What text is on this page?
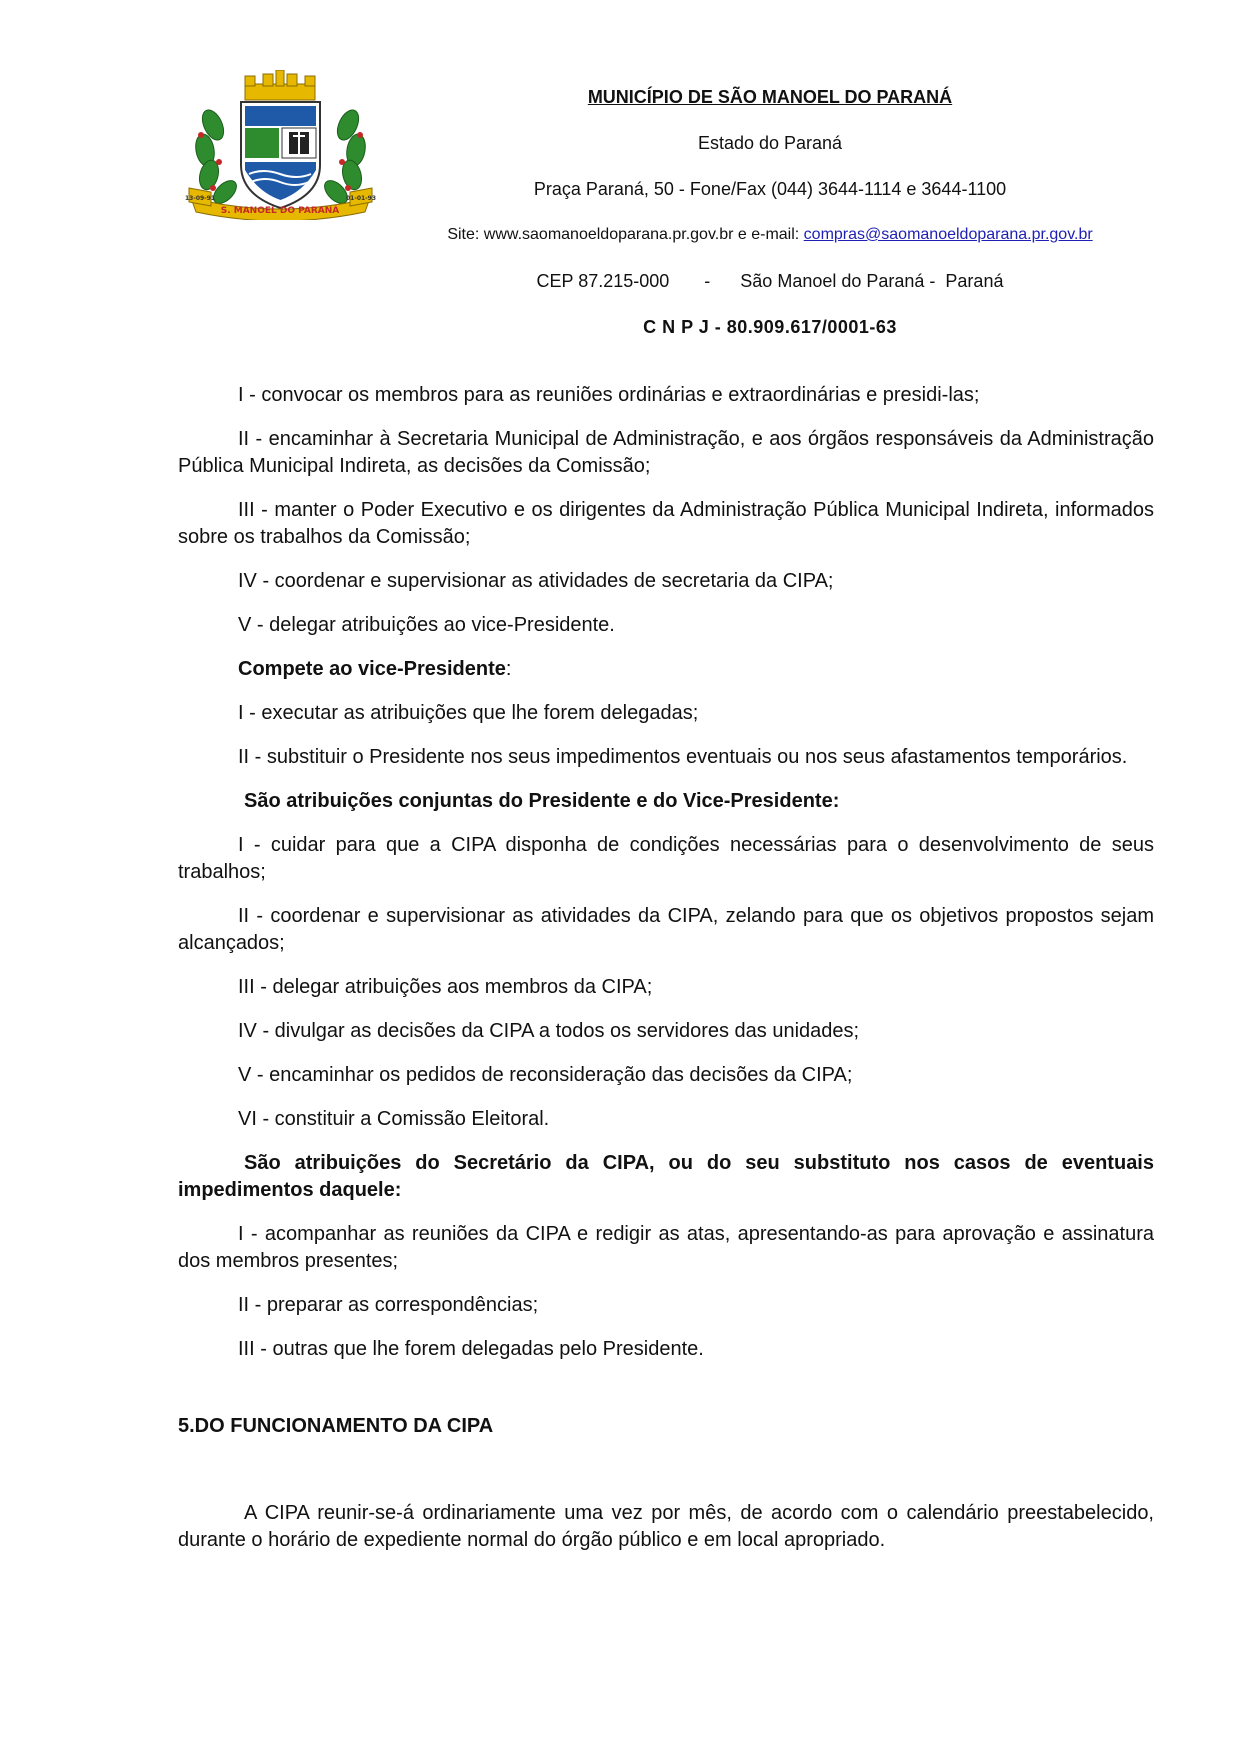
S. MANOEL DO PARANÁ
13-09-91	01-01-93
MUNICÍPIO DE SÃO MANOEL DO PARANÁ
Estado do Paraná
Praça Paraná, 50 - Fone/Fax (044) 3644-1114 e 3644-1100
Site: www.saomanoeldoparana.pr.gov.br e e-mail: compras@saomanoeldoparana.pr.gov.br
CEP 87.215-000       -      São Manoel do Paraná -  Paraná
C N P J - 80.909.617/0001-63

I - convocar os membros para as reuniões ordinárias e extraordinárias e presidi-las;

II - encaminhar à Secretaria Municipal de Administração, e aos órgãos responsáveis da Administração Pública Municipal Indireta, as decisões da Comissão;

III - manter o Poder Executivo e os dirigentes da Administração Pública Municipal Indireta, informados sobre os trabalhos da Comissão;

IV - coordenar e supervisionar as atividades de secretaria da CIPA;

V - delegar atribuições ao vice-Presidente.

Compete ao vice-Presidente:

I - executar as atribuições que lhe forem delegadas;

II - substituir o Presidente nos seus impedimentos eventuais ou nos seus afastamentos temporários.

São atribuições conjuntas do Presidente e do Vice-Presidente:

I - cuidar para que a CIPA disponha de condições necessárias para o desenvolvimento de seus trabalhos;

II - coordenar e supervisionar as atividades da CIPA, zelando para que os objetivos propostos sejam alcançados;

III - delegar atribuições aos membros da CIPA;

IV - divulgar as decisões da CIPA a todos os servidores das unidades;

V - encaminhar os pedidos de reconsideração das decisões da CIPA;

VI - constituir a Comissão Eleitoral.

São atribuições do Secretário da CIPA, ou do seu substituto nos casos de eventuais impedimentos daquele:

I - acompanhar as reuniões da CIPA e redigir as atas, apresentando-as para aprovação e assinatura dos membros presentes;

II - preparar as correspondências;

III - outras que lhe forem delegadas pelo Presidente.

5.DO FUNCIONAMENTO DA CIPA

A CIPA reunir-se-á ordinariamente uma vez por mês, de acordo com o calendário preestabelecido, durante o horário de expediente normal do órgão público e em local apropriado.
